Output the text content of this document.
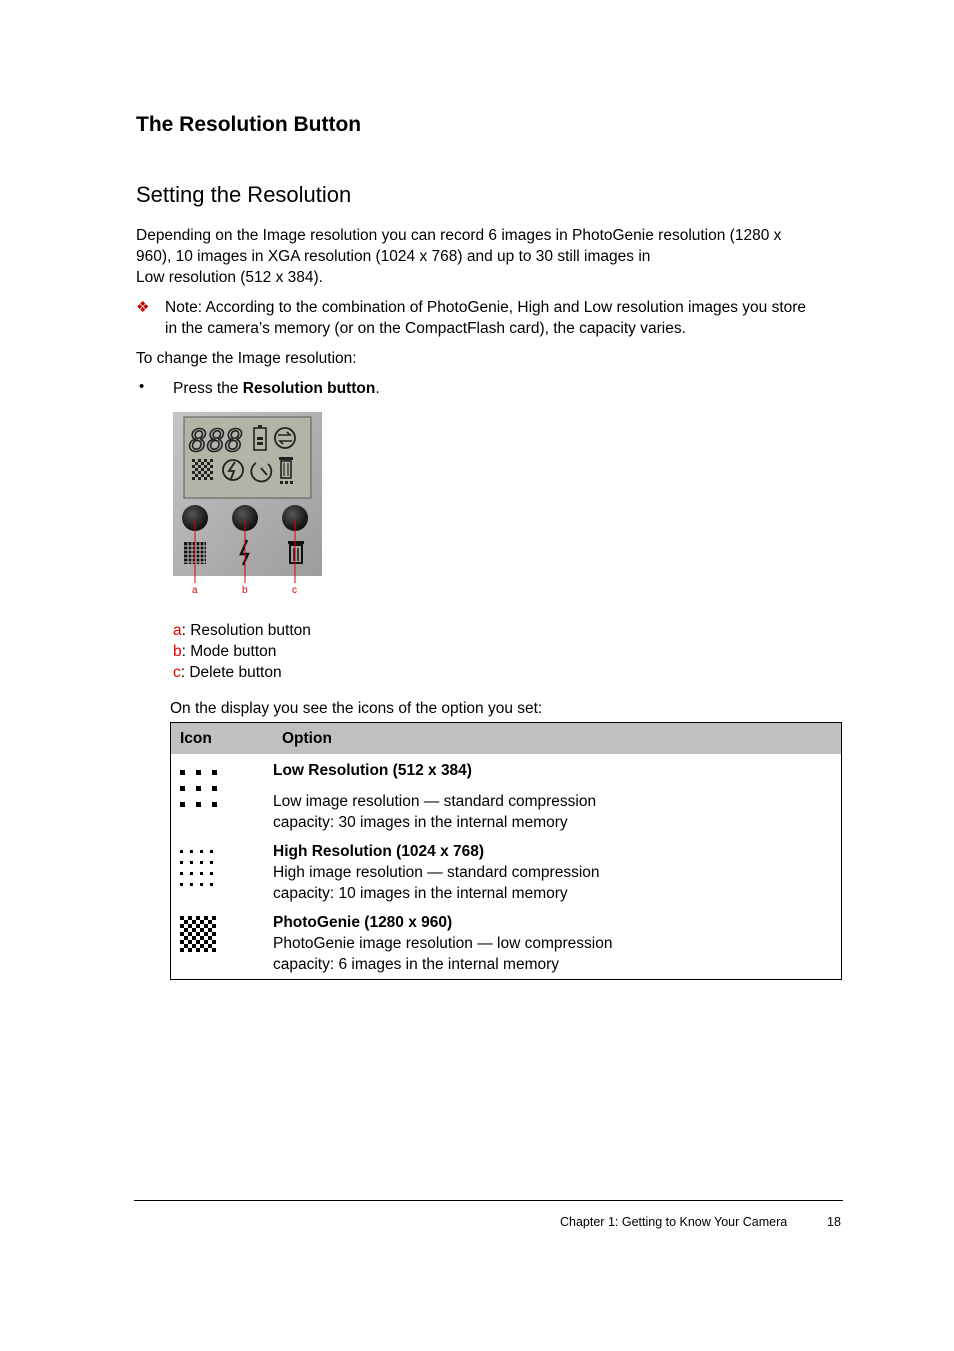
The Resolution Button
Setting the Resolution
Depending on the Image resolution you can record 6 images in PhotoGenie resolution (1280 x
960), 10 images in XGA resolution (1024 x 768) and up to 30 still images in
Low resolution (512 x 384).
❖ Note: According to the combination of PhotoGenie, High and Low resolution images you store
in the camera’s memory (or on the CompactFlash card), the capacity varies.
To change the Image resolution:
• Press the Resolution button.
888
a	b	c
a: Resolution button
b: Mode button
c: Delete button
On the display you see the icons of the option you set:
Icon	Option

Low Resolution (512 x 384)
Low image resolution — standard compression
capacity: 30 images in the internal memory

High Resolution (1024 x 768)
High image resolution — standard compression
capacity: 10 images in the internal memory

PhotoGenie (1280 x 960)
PhotoGenie image resolution — low compression
capacity: 6 images in the internal memory
Chapter 1: Getting to Know Your Camera	18
